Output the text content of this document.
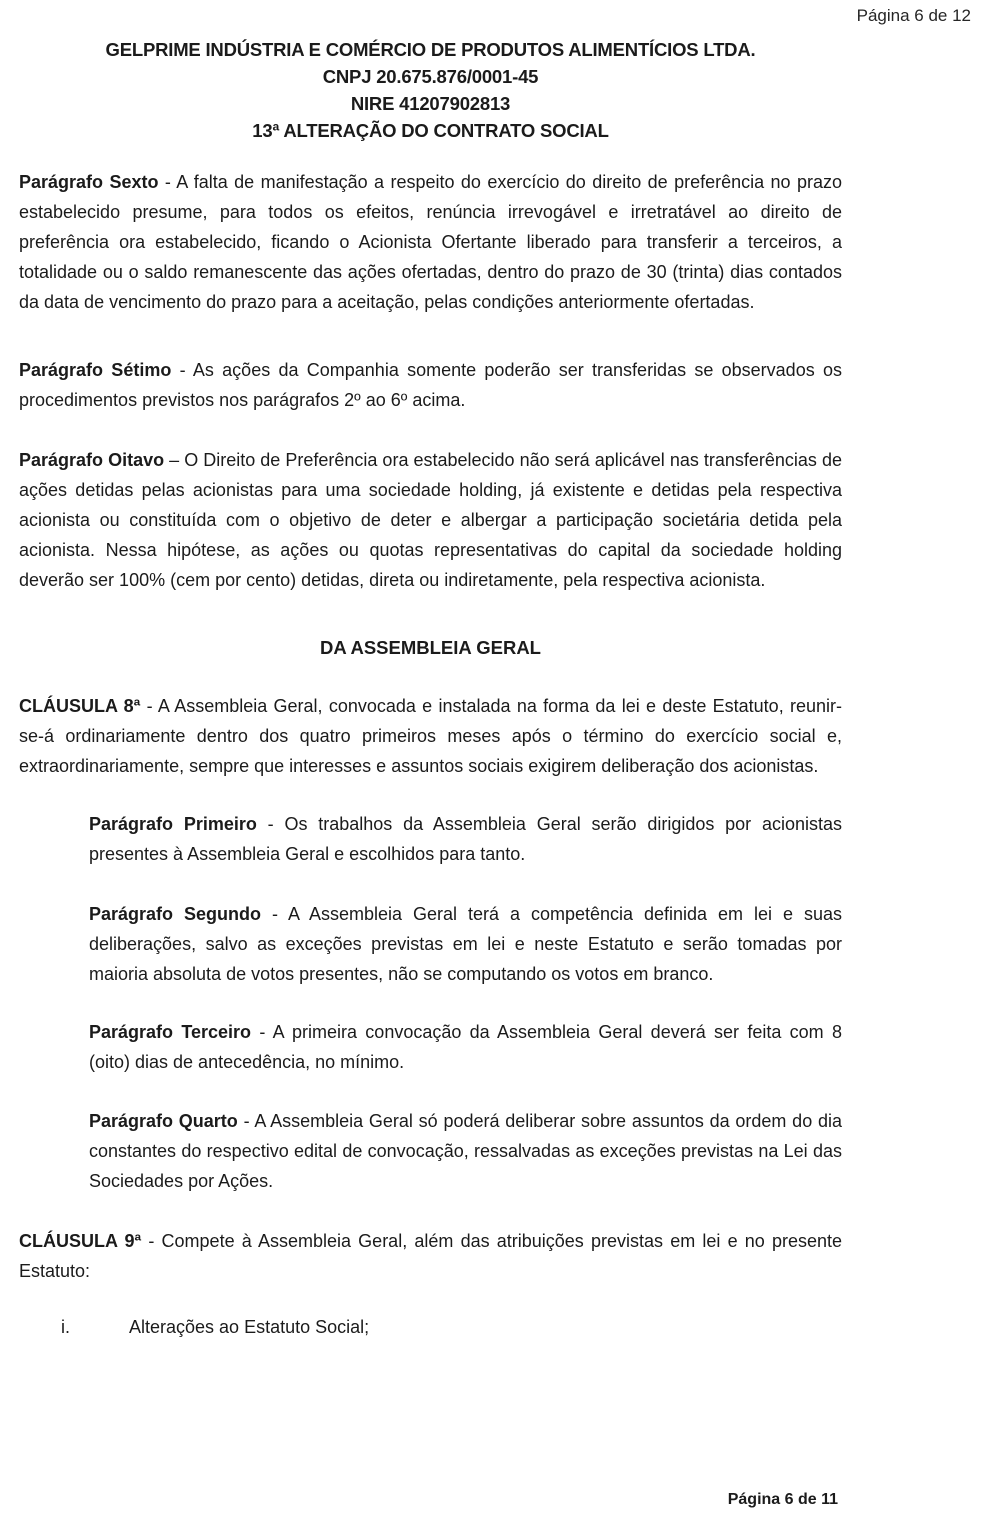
Página 6 de 12
GELPRIME INDÚSTRIA E COMÉRCIO DE PRODUTOS ALIMENTÍCIOS LTDA.
CNPJ 20.675.876/0001-45
NIRE 41207902813
13ª ALTERAÇÃO DO CONTRATO SOCIAL

Parágrafo Sexto - A falta de manifestação a respeito do exercício do direito de preferência no prazo estabelecido presume, para todos os efeitos, renúncia irrevogável e irretratável ao direito de preferência ora estabelecido, ficando o Acionista Ofertante liberado para transferir a terceiros, a totalidade ou o saldo remanescente das ações ofertadas, dentro do prazo de 30 (trinta) dias contados da data de vencimento do prazo para a aceitação, pelas condições anteriormente ofertadas.

Parágrafo Sétimo - As ações da Companhia somente poderão ser transferidas se observados os procedimentos previstos nos parágrafos 2º ao 6º acima.

Parágrafo Oitavo – O Direito de Preferência ora estabelecido não será aplicável nas transferências de ações detidas pelas acionistas para uma sociedade holding, já existente e detidas pela respectiva acionista ou constituída com o objetivo de deter e albergar a participação societária detida pela acionista. Nessa hipótese, as ações ou quotas representativas do capital da sociedade holding deverão ser 100% (cem por cento) detidas, direta ou indiretamente, pela respectiva acionista.

DA ASSEMBLEIA GERAL

CLÁUSULA 8ª - A Assembleia Geral, convocada e instalada na forma da lei e deste Estatuto, reunir-se-á ordinariamente dentro dos quatro primeiros meses após o término do exercício social e, extraordinariamente, sempre que interesses e assuntos sociais exigirem deliberação dos acionistas.

Parágrafo Primeiro - Os trabalhos da Assembleia Geral serão dirigidos por acionistas presentes à Assembleia Geral e escolhidos para tanto.

Parágrafo Segundo - A Assembleia Geral terá a competência definida em lei e suas deliberações, salvo as exceções previstas em lei e neste Estatuto e serão tomadas por maioria absoluta de votos presentes, não se computando os votos em branco.

Parágrafo Terceiro - A primeira convocação da Assembleia Geral deverá ser feita com 8 (oito) dias de antecedência, no mínimo.

Parágrafo Quarto - A Assembleia Geral só poderá deliberar sobre assuntos da ordem do dia constantes do respectivo edital de convocação, ressalvadas as exceções previstas na Lei das Sociedades por Ações.

CLÁUSULA 9ª - Compete à Assembleia Geral, além das atribuições previstas em lei e no presente Estatuto:

i.	Alterações ao Estatuto Social;
Página 6 de 11
